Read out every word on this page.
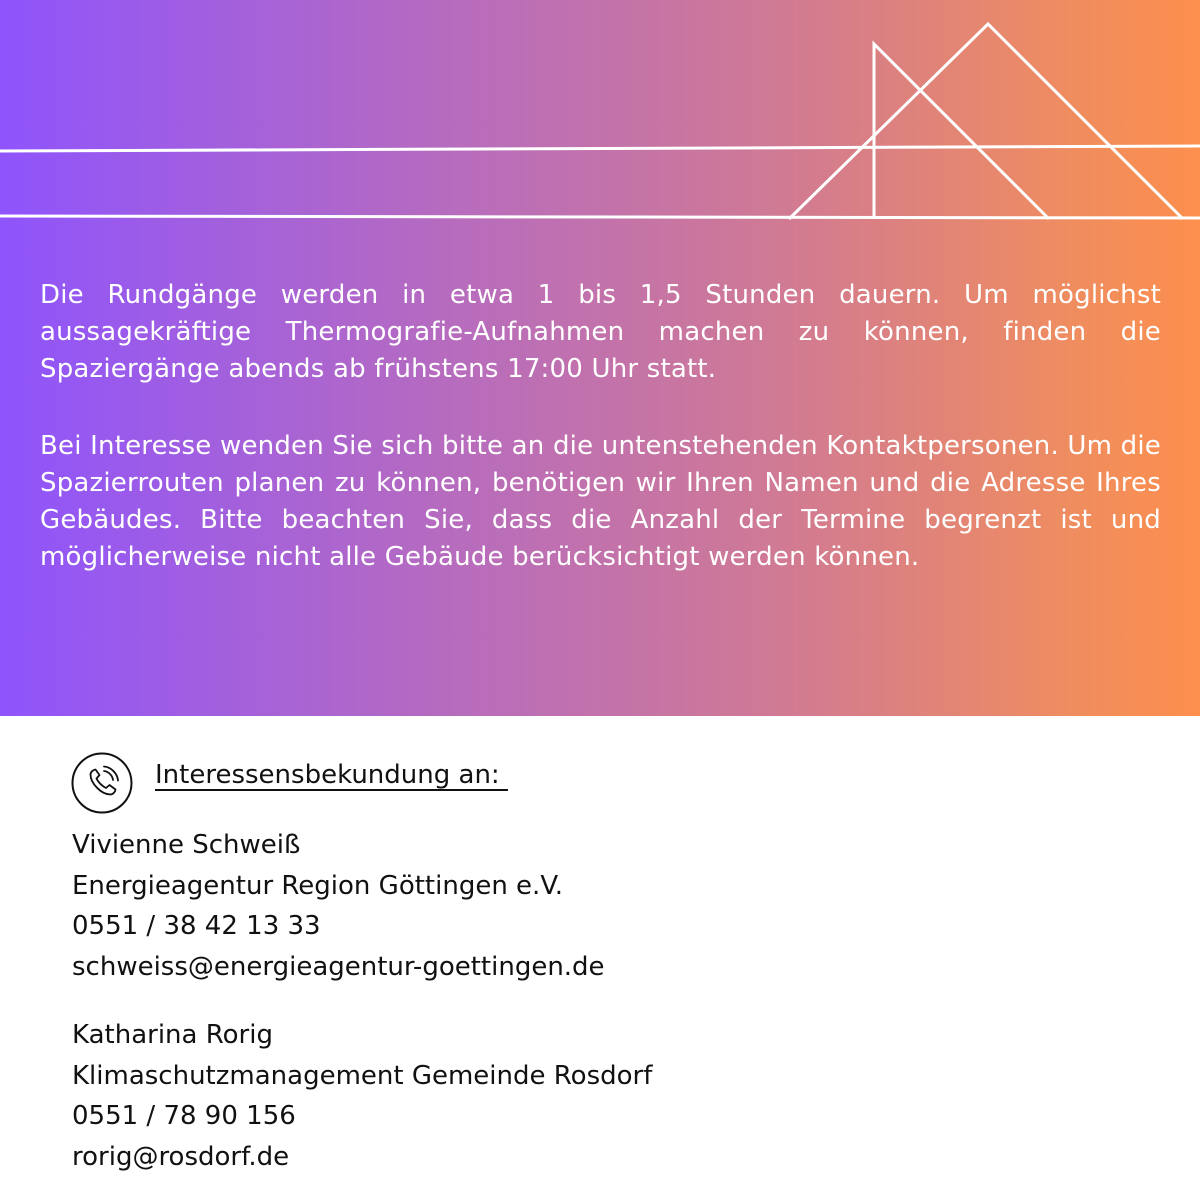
Die Rundgänge werden in etwa 1 bis 1,5 Stunden dauern. Um möglichst aussagekräftige Thermografie-Aufnahmen machen zu können, finden die Spaziergänge abends ab frühstens 17:00 Uhr statt.

Bei Interesse wenden Sie sich bitte an die untenstehenden Kontaktpersonen. Um die Spazierrouten planen zu können, benötigen wir Ihren Namen und die Adresse Ihres Gebäudes. Bitte beachten Sie, dass die Anzahl der Termine begrenzt ist und möglicherweise nicht alle Gebäude berücksichtigt werden können.

Interessensbekundung an:
Vivienne Schweiß
Energieagentur Region Göttingen e.V.
0551 / 38 42 13 33
schweiss@energieagentur-goettingen.de
Katharina Rorig
Klimaschutzmanagement Gemeinde Rosdorf
0551 / 78 90 156
rorig@rosdorf.de
